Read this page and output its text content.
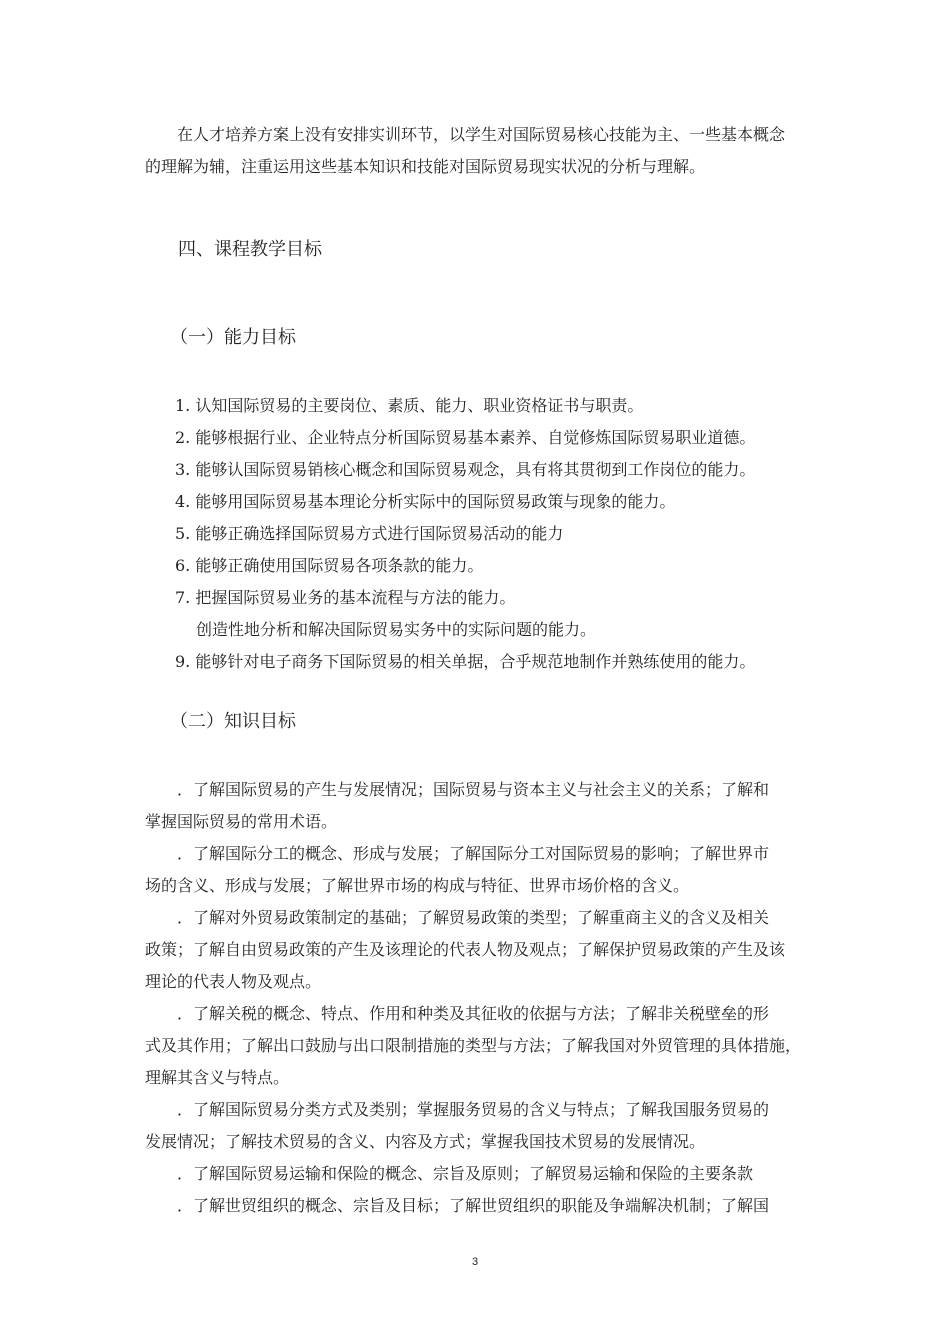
在人才培养方案上没有安排实训环节，以学生对国际贸易核心技能为主、一些基本概念
的理解为辅，注重运用这些基本知识和技能对国际贸易现实状况的分析与理解。
四、课程教学目标
（一）能力目标
1. 认知国际贸易的主要岗位、素质、能力、职业资格证书与职责。
2. 能够根据行业、企业特点分析国际贸易基本素养、自觉修炼国际贸易职业道德。
3. 能够认国际贸易销核心概念和国际贸易观念，具有将其贯彻到工作岗位的能力。
4. 能够用国际贸易基本理论分析实际中的国际贸易政策与现象的能力。
5. 能够正确选择国际贸易方式进行国际贸易活动的能力
6. 能够正确使用国际贸易各项条款的能力。
7. 把握国际贸易业务的基本流程与方法的能力。
创造性地分析和解决国际贸易实务中的实际问题的能力。
9. 能够针对电子商务下国际贸易的相关单据，合乎规范地制作并熟练使用的能力。
（二）知识目标
．了解国际贸易的产生与发展情况；国际贸易与资本主义与社会主义的关系；了解和
掌握国际贸易的常用术语。
．了解国际分工的概念、形成与发展；了解国际分工对国际贸易的影响；了解世界市
场的含义、形成与发展；了解世界市场的构成与特征、世界市场价格的含义。
．了解对外贸易政策制定的基础；了解贸易政策的类型；了解重商主义的含义及相关
政策；了解自由贸易政策的产生及该理论的代表人物及观点；了解保护贸易政策的产生及该
理论的代表人物及观点。
．了解关税的概念、特点、作用和种类及其征收的依据与方法；了解非关税壁垒的形
式及其作用；了解出口鼓励与出口限制措施的类型与方法；了解我国对外贸管理的具体措施，
理解其含义与特点。
．了解国际贸易分类方式及类别；掌握服务贸易的含义与特点；了解我国服务贸易的
发展情况；了解技术贸易的含义、内容及方式；掌握我国技术贸易的发展情况。
．了解国际贸易运输和保险的概念、宗旨及原则；了解贸易运输和保险的主要条款
．了解世贸组织的概念、宗旨及目标；了解世贸组织的职能及争端解决机制；了解国
3
